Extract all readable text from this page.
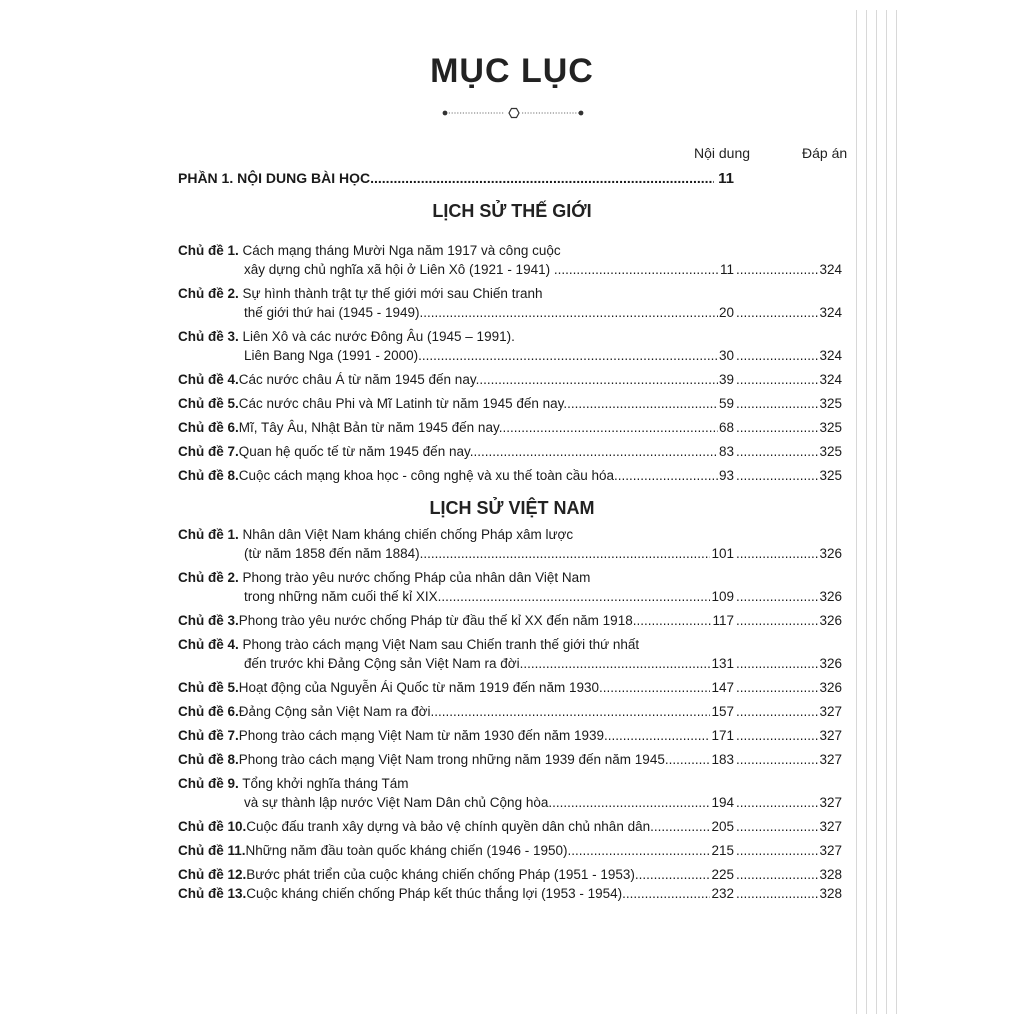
MỤC LỤC
Nội dung	Đáp án
PHẦN 1. NỘI DUNG BÀI HỌC .....	11
LỊCH SỬ THẾ GIỚI
Chủ đề 1. Cách mạng tháng Mười Nga năm 1917 và công cuộc
xây dựng chủ nghĩa xã hội ở Liên Xô (1921 - 1941) . .....	11 .....	324
Chủ đề 2. Sự hình thành trật tự thế giới mới sau Chiến tranh
thế giới thứ hai (1945 - 1949) .....	20 .....	324
Chủ đề 3. Liên Xô và các nước Đông Âu (1945 – 1991).
Liên Bang Nga (1991 - 2000). .....	30 .....	324
Chủ đề 4. Các nước châu Á từ năm 1945 đến nay. .....	39 .....	324
Chủ đề 5. Các nước châu Phi và Mĩ Latinh từ năm 1945 đến nay. .....	59 .....	325
Chủ đề 6. Mĩ, Tây Âu, Nhật Bản từ năm 1945 đến nay. .....	68 .....	325
Chủ đề 7. Quan hệ quốc tế từ năm 1945 đến nay. .....	83 .....	325
Chủ đề 8. Cuộc cách mạng khoa học - công nghệ và xu thế toàn cầu hóa. .....	93 .....	325
LỊCH SỬ VIỆT NAM
Chủ đề 1. Nhân dân Việt Nam kháng chiến chống Pháp xâm lược
(từ năm 1858 đến năm 1884) .....	101 .....	326
Chủ đề 2. Phong trào yêu nước chống Pháp của nhân dân Việt Nam
trong những năm cuối thế kỉ XIX. .....	109 .....	326
Chủ đề 3. Phong trào yêu nước chống Pháp từ đầu thế kỉ XX đến năm 1918. .....	117 .....	326
Chủ đề 4. Phong trào cách mạng Việt Nam sau Chiến tranh thế giới thứ nhất
đến trước khi Đảng Cộng sản Việt Nam ra đời. .....	131 .....	326
Chủ đề 5. Hoạt động của Nguyễn Ái Quốc từ năm 1919 đến năm 1930. .....	147 .....	326
Chủ đề 6. Đảng Cộng sản Việt Nam ra đời. .....	157 .....	327
Chủ đề 7. Phong trào cách mạng Việt Nam từ năm 1930 đến năm 1939. .....	171 .....	327
Chủ đề 8. Phong trào cách mạng Việt Nam trong những năm 1939 đến năm 1945 .....	183 .....	327
Chủ đề 9. Tổng khởi nghĩa tháng Tám
và sự thành lập nước Việt Nam Dân chủ Cộng hòa. .....	194 .....	327
Chủ đề 10. Cuộc đấu tranh xây dựng và bảo vệ chính quyền dân chủ nhân dân .....	205 .....	327
Chủ đề 11. Những năm đầu toàn quốc kháng chiến (1946 - 1950) .....	215 .....	327
Chủ đề 12. Bước phát triển của cuộc kháng chiến chống Pháp (1951 - 1953) .....	225 .....	328
Chủ đề 13. Cuộc kháng chiến chống Pháp kết thúc thắng lợi (1953 - 1954). .....	232 .....	328
